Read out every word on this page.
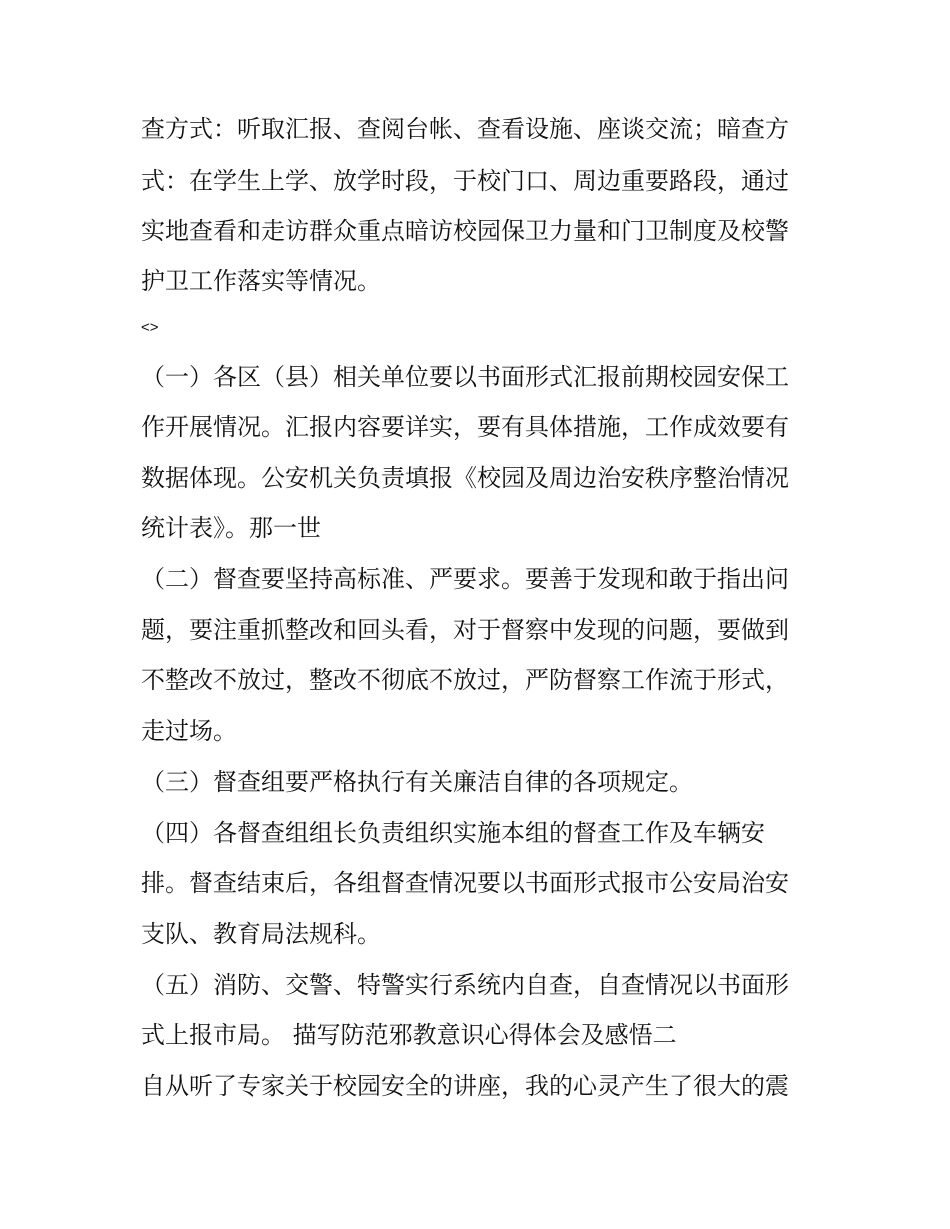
查方式：听取汇报、查阅台帐、查看设施、座谈交流；暗查方
式：在学生上学、放学时段，于校门口、周边重要路段，通过
实地查看和走访群众重点暗访校园保卫力量和门卫制度及校警
护卫工作落实等情况。
<>
（一）各区（县）相关单位要以书面形式汇报前期校园安保工
作开展情况。汇报内容要详实，要有具体措施，工作成效要有
数据体现。公安机关负责填报《校园及周边治安秩序整治情况
统计表》。那一世
（二）督查要坚持高标准、严要求。要善于发现和敢于指出问
题，要注重抓整改和回头看，对于督察中发现的问题，要做到
不整改不放过，整改不彻底不放过，严防督察工作流于形式，
走过场。
（三）督查组要严格执行有关廉洁自律的各项规定。
（四）各督查组组长负责组织实施本组的督查工作及车辆安
排。督查结束后，各组督查情况要以书面形式报市公安局治安
支队、教育局法规科。
（五）消防、交警、特警实行系统内自查，自查情况以书面形
式上报市局。 描写防范邪教意识心得体会及感悟二
自从听了专家关于校园安全的讲座，我的心灵产生了很大的震
